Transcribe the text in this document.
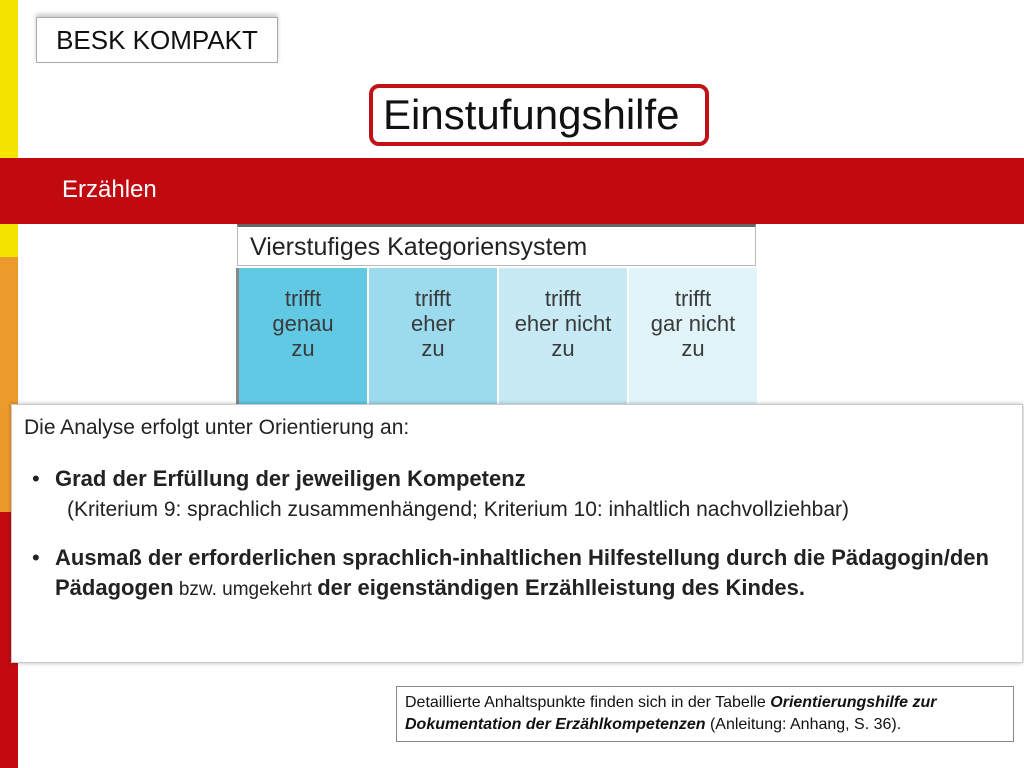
BESK KOMPAKT
Einstufungshilfe
Erzählen
Vierstufiges Kategoriensystem
trifft
genau
zu
trifft
eher
zu
trifft
eher nicht
zu
trifft
gar nicht
zu

Die Analyse erfolgt unter Orientierung an:

• Grad der Erfüllung der jeweiligen Kompetenz
(Kriterium 9: sprachlich zusammenhängend; Kriterium 10: inhaltlich nachvollziehbar)
• Ausmaß der erforderlichen sprachlich-inhaltlichen Hilfestellung durch die Pädagogin/den Pädagogen bzw. umgekehrt der eigenständigen Erzählleistung des Kindes.
Detaillierte Anhaltspunkte finden sich in der Tabelle Orientierungshilfe zur Dokumentation der Erzählkompetenzen (Anleitung: Anhang, S. 36).
